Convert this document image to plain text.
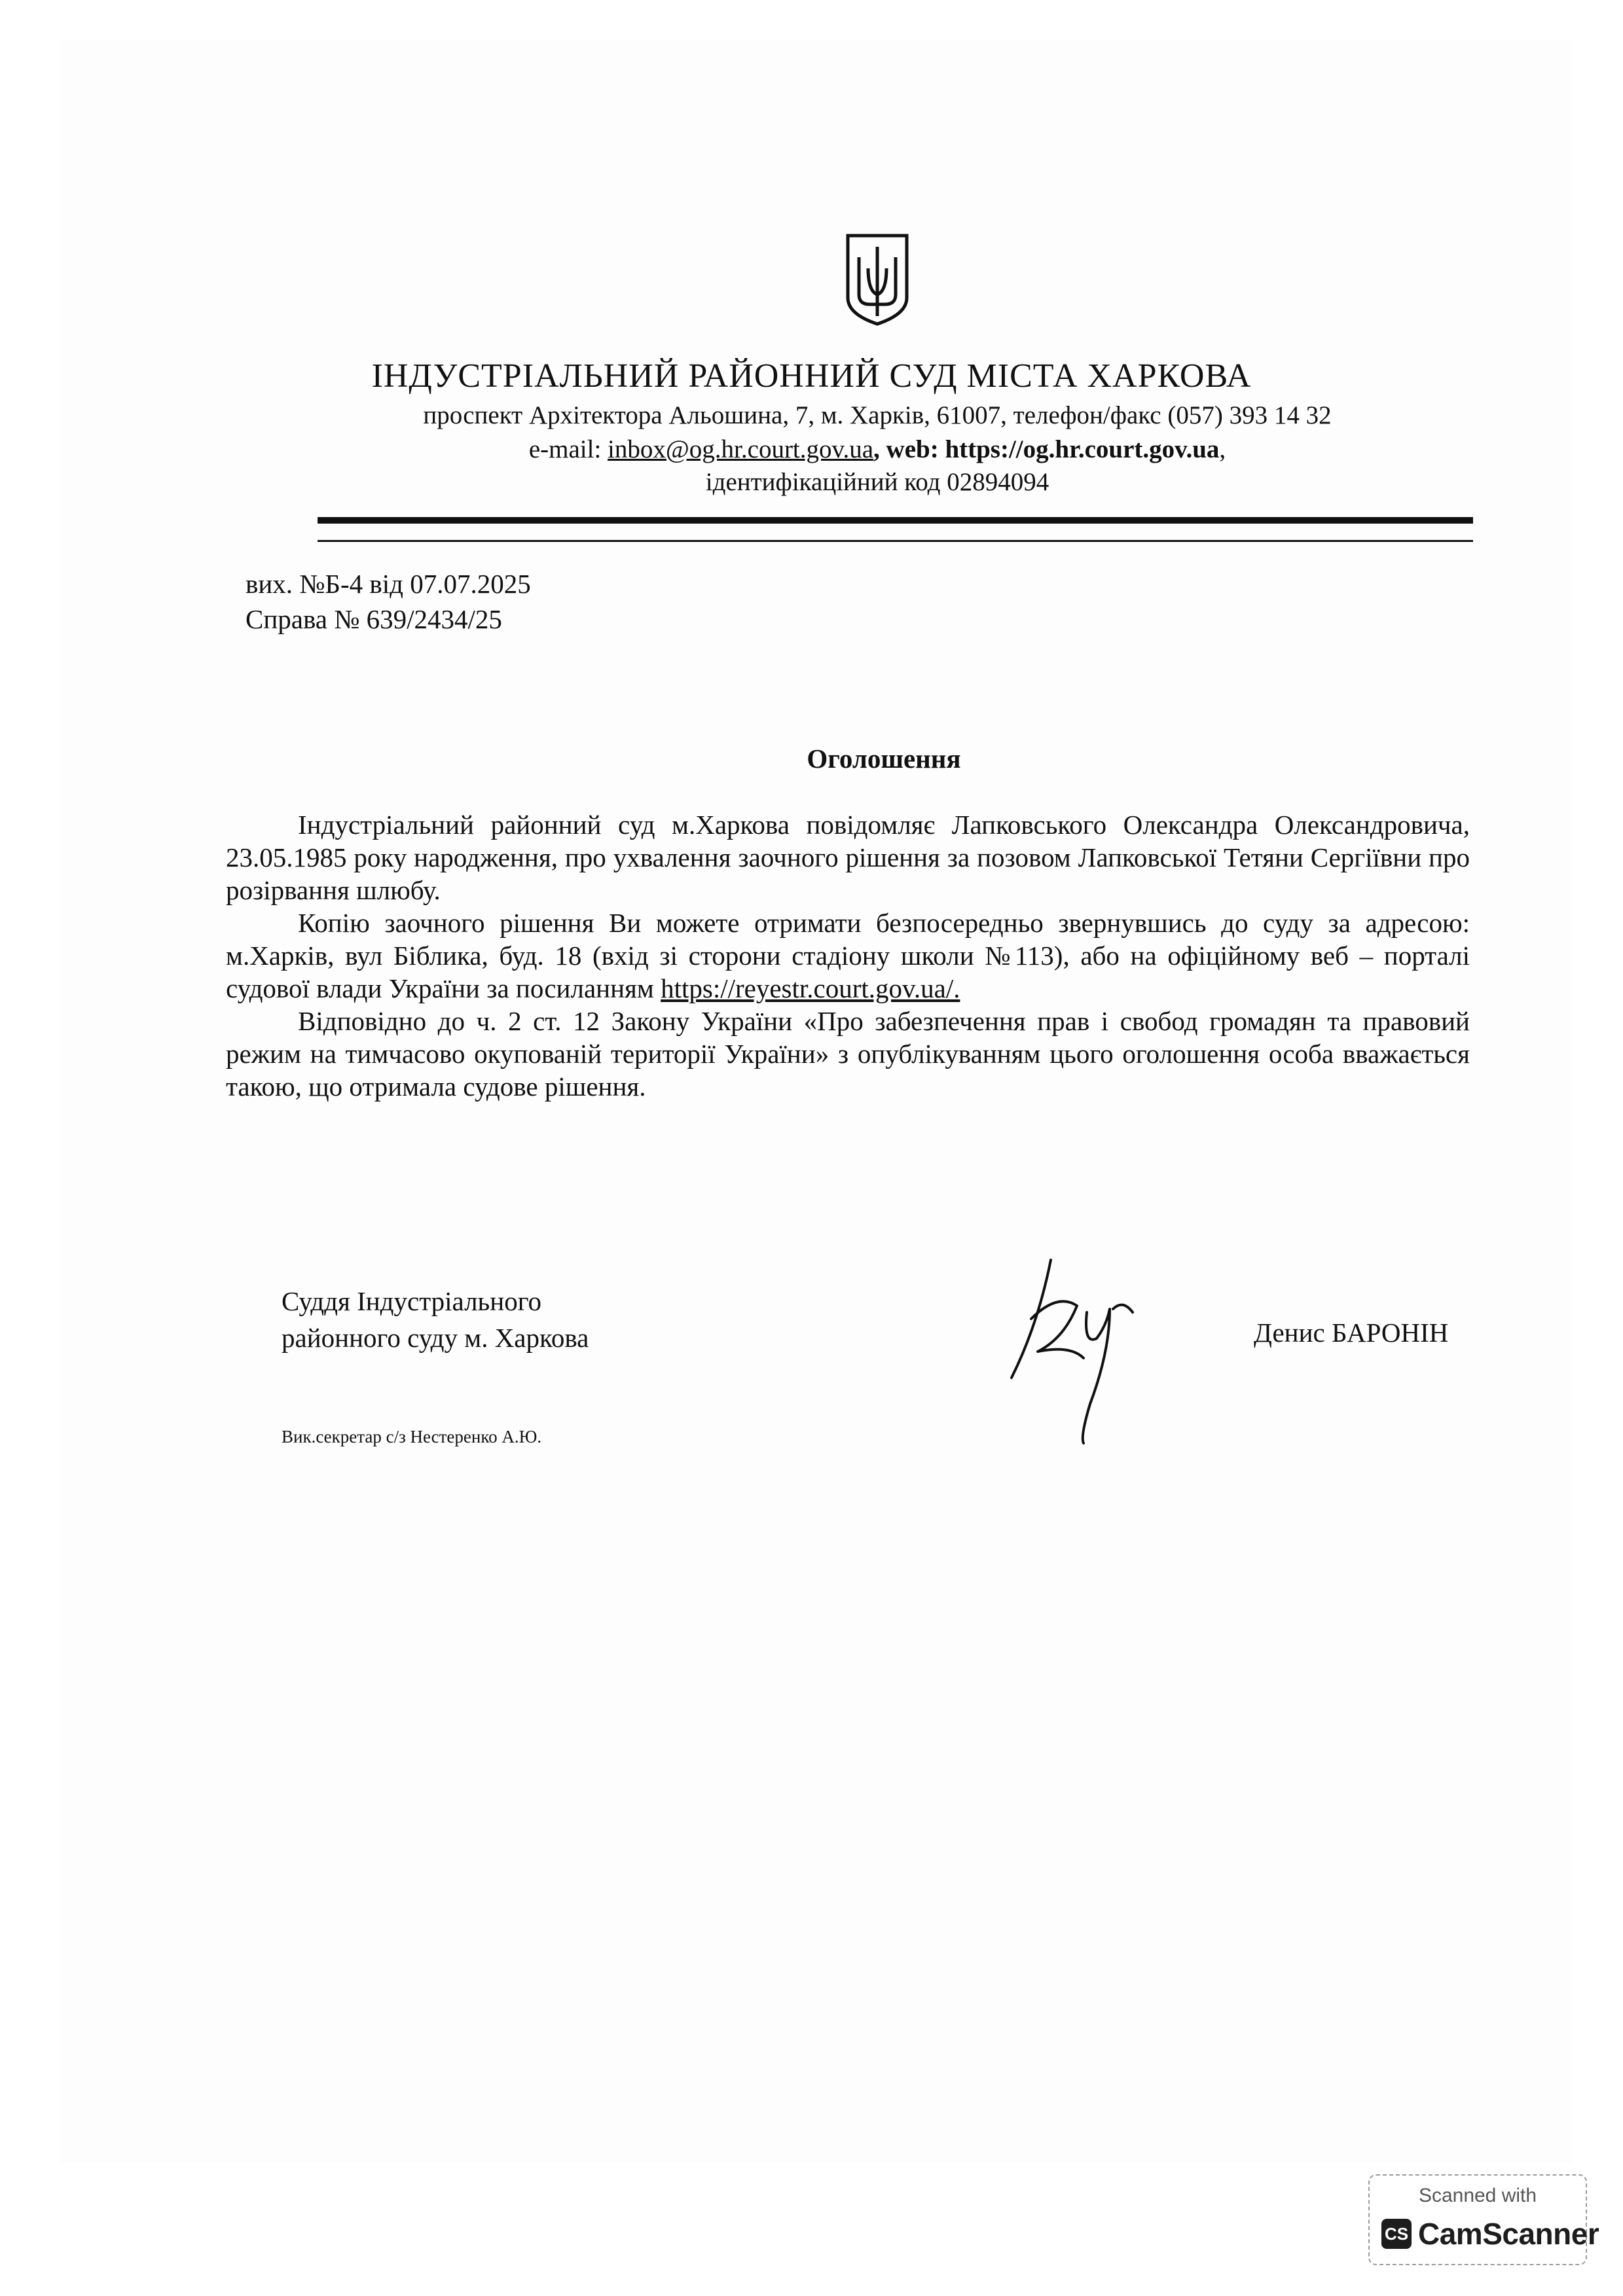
ІНДУСТРІАЛЬНИЙ РАЙОННИЙ СУД МІСТА ХАРКОВА
проспект Архітектора Альошина, 7, м. Харків, 61007, телефон/факс (057) 393 14 32
e-mail: inbox@og.hr.court.gov.ua, web: https://og.hr.court.gov.ua,
ідентифікаційний код 02894094
вих. №Б-4 від 07.07.2025
Справа № 639/2434/25
Оголошення

Індустріальний районний суд м.Харкова повідомляє Лапковського Олександра Олександровича, 23.05.1985 року народження, про ухвалення заочного рішення за позовом Лапковської Тетяни Сергіївни про розірвання шлюбу.

Копію заочного рішення Ви можете отримати безпосередньо звернувшись до суду за адресою: м.Харків, вул Біблика, буд. 18 (вхід зі сторони стадіону школи №113), або на офіційному веб – порталі судової влади України за посиланням https://reyestr.court.gov.ua/.

Відповідно до ч. 2 ст. 12 Закону України «Про забезпечення прав і свобод громадян та правовий режим на тимчасово окупованій території України» з опублікуванням цього оголошення особа вважається такою, що отримала судове рішення.

Суддя Індустріального
районного суду м. Харкова	Денис БАРОНІН
Вик.секретар с/з Нестеренко А.Ю.
Scanned with
CS CamScanner
